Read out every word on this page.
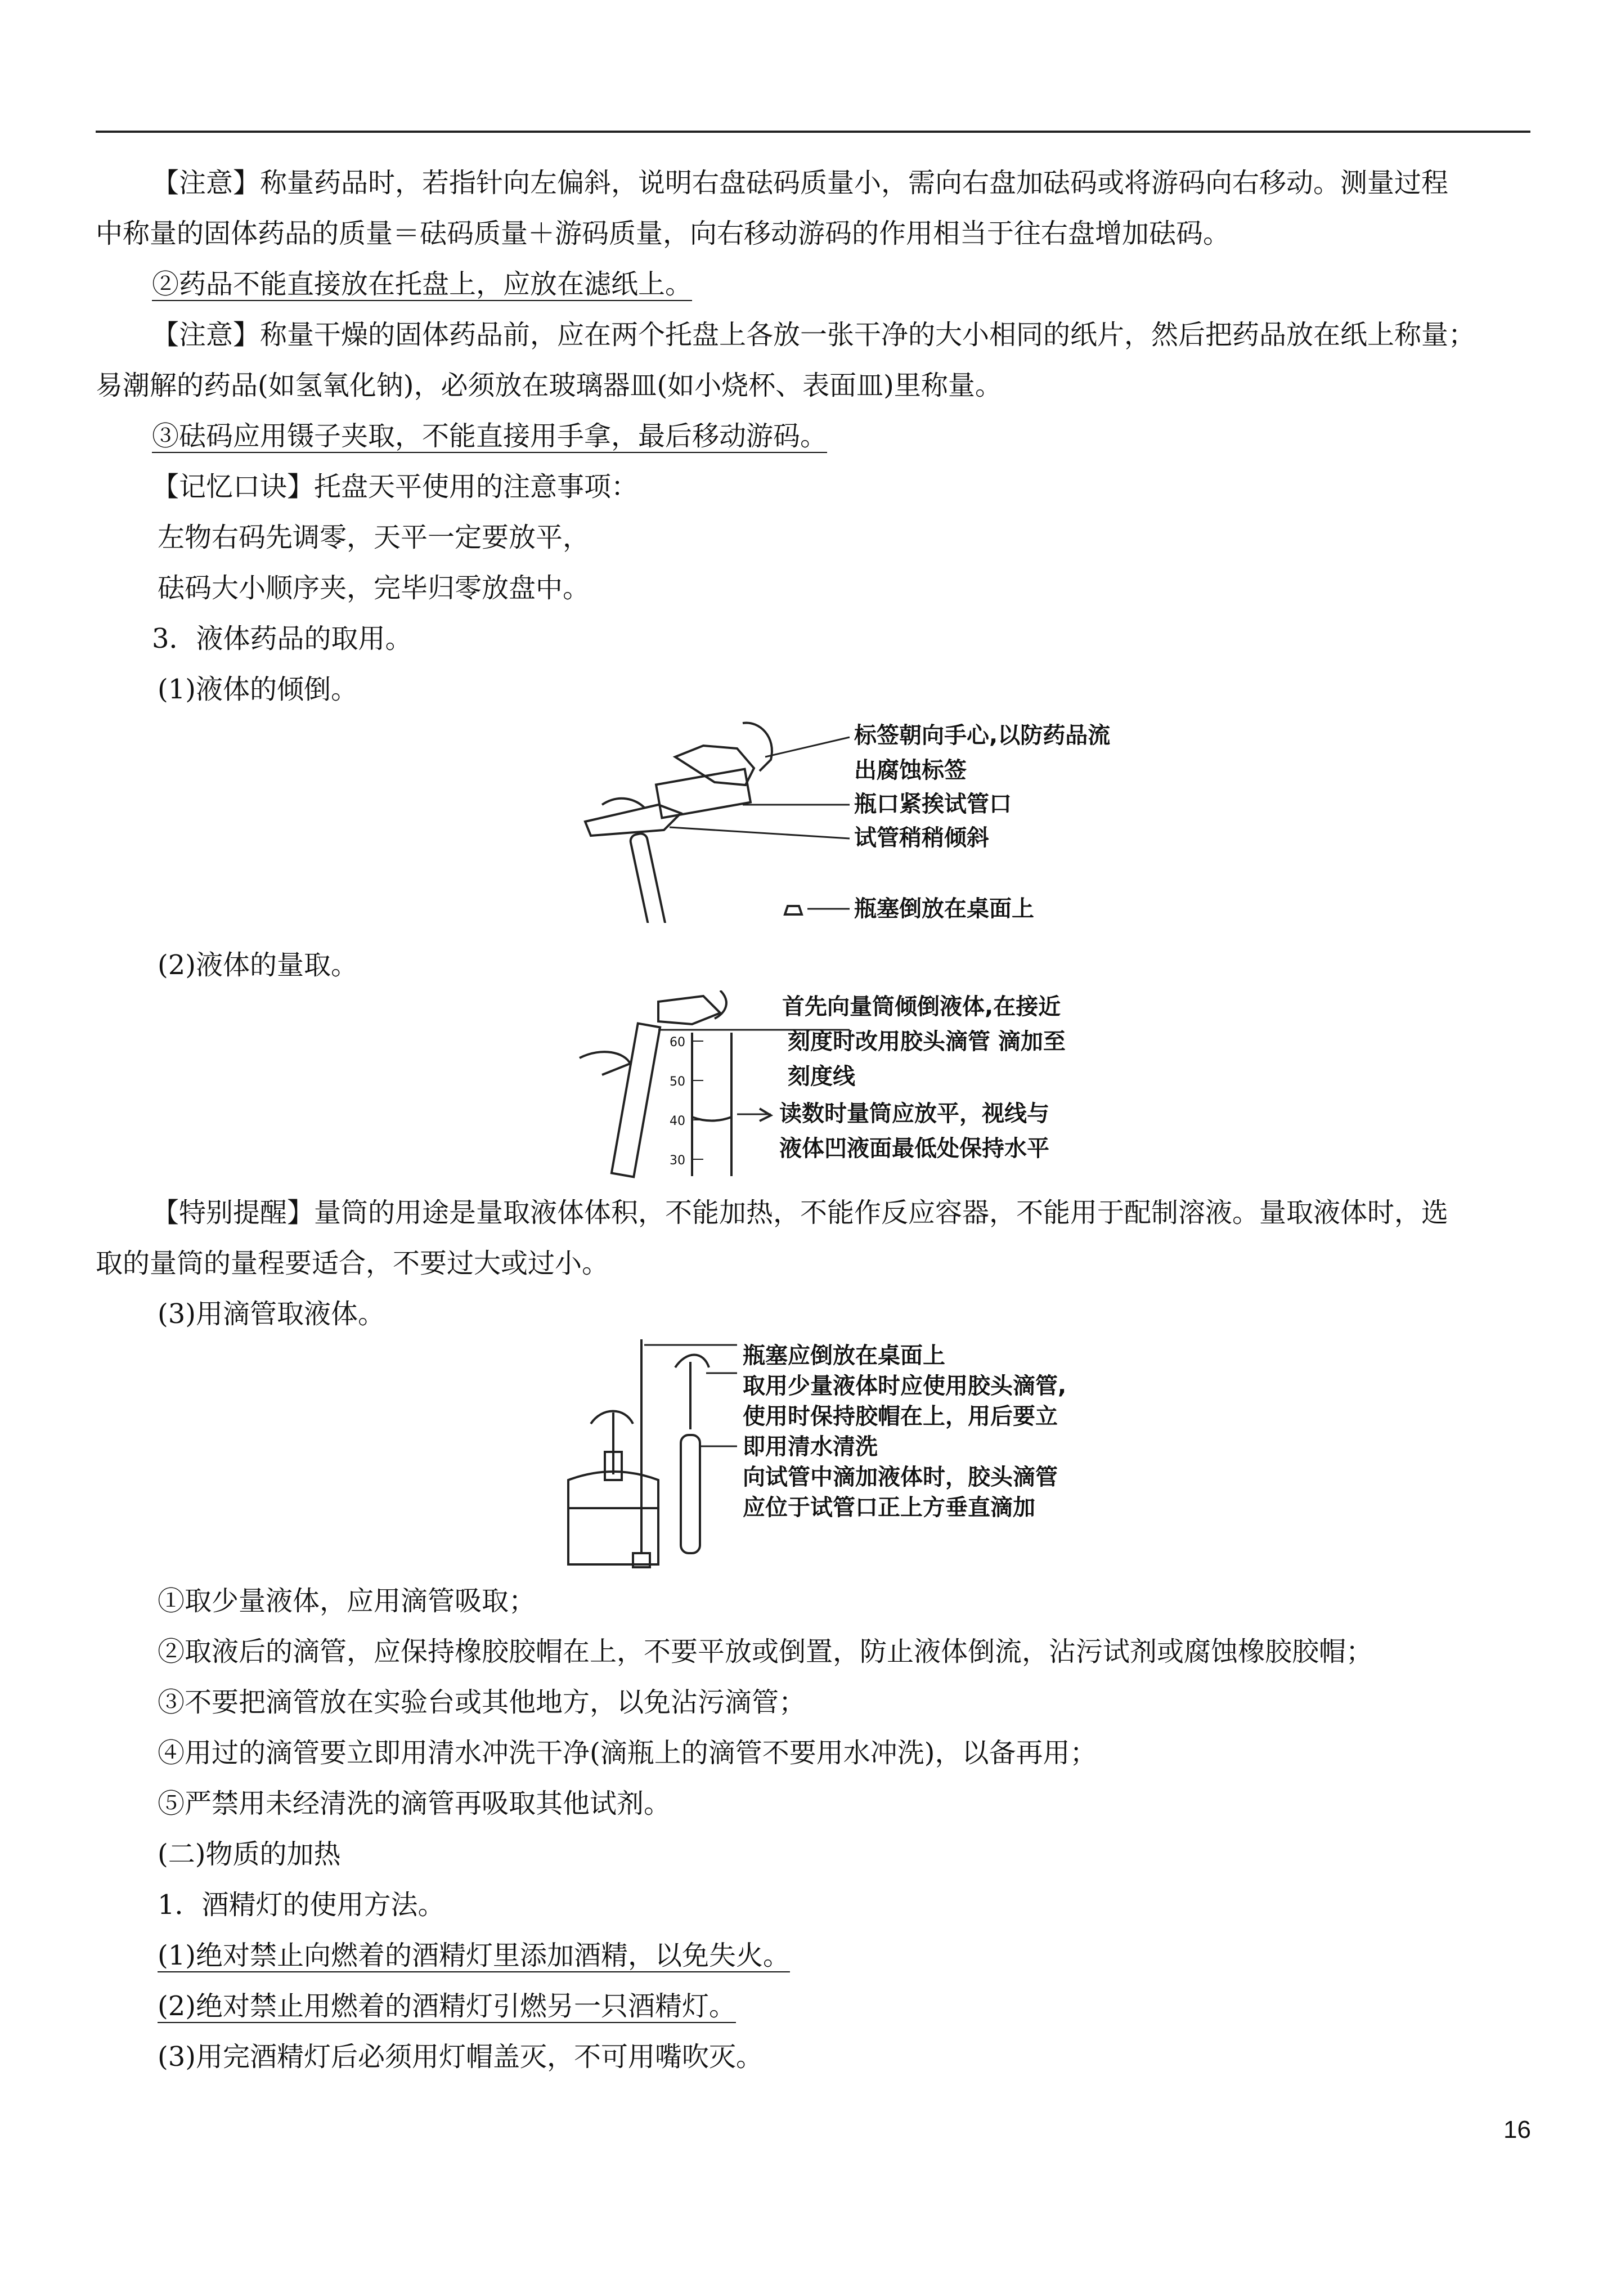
【注意】称量药品时，若指针向左偏斜，说明右盘砝码质量小，需向右盘加砝码或将游码向右移动。测量过程

中称量的固体药品的质量＝砝码质量＋游码质量，向右移动游码的作用相当于往右盘增加砝码。

②药品不能直接放在托盘上，应放在滤纸上。

【注意】称量干燥的固体药品前，应在两个托盘上各放一张干净的大小相同的纸片，然后把药品放在纸上称量；

易潮解的药品(如氢氧化钠)，必须放在玻璃器皿(如小烧杯、表面皿)里称量。

③砝码应用镊子夹取，不能直接用手拿，最后移动游码。

【记忆口诀】托盘天平使用的注意事项：

左物右码先调零，天平一定要放平，

砝码大小顺序夹，完毕归零放盘中。

3．液体药品的取用。

(1)液体的倾倒。

标签朝向手心,以防药品流
出腐蚀标签
瓶口紧挨试管口
试管稍稍倾斜
瓶塞倒放在桌面上

(2)液体的量取。

60
50
40
30
首先向量筒倾倒液体,在接近
刻度时改用胶头滴管 滴加至
刻度线
读数时量筒应放平，视线与
液体凹液面最低处保持水平

【特别提醒】量筒的用途是量取液体体积，不能加热，不能作反应容器，不能用于配制溶液。量取液体时，选

取的量筒的量程要适合，不要过大或过小。

(3)用滴管取液体。

瓶塞应倒放在桌面上
取用少量液体时应使用胶头滴管,
使用时保持胶帽在上，用后要立
即用清水清洗
向试管中滴加液体时，胶头滴管
应位于试管口正上方垂直滴加

①取少量液体，应用滴管吸取；

②取液后的滴管，应保持橡胶胶帽在上，不要平放或倒置，防止液体倒流，沾污试剂或腐蚀橡胶胶帽；

③不要把滴管放在实验台或其他地方，以免沾污滴管；

④用过的滴管要立即用清水冲洗干净(滴瓶上的滴管不要用水冲洗)，以备再用；

⑤严禁用未经清洗的滴管再吸取其他试剂。

(二)物质的加热

1．酒精灯的使用方法。

(1)绝对禁止向燃着的酒精灯里添加酒精，以免失火。

(2)绝对禁止用燃着的酒精灯引燃另一只酒精灯。

(3)用完酒精灯后必须用灯帽盖灭，不可用嘴吹灭。

16
